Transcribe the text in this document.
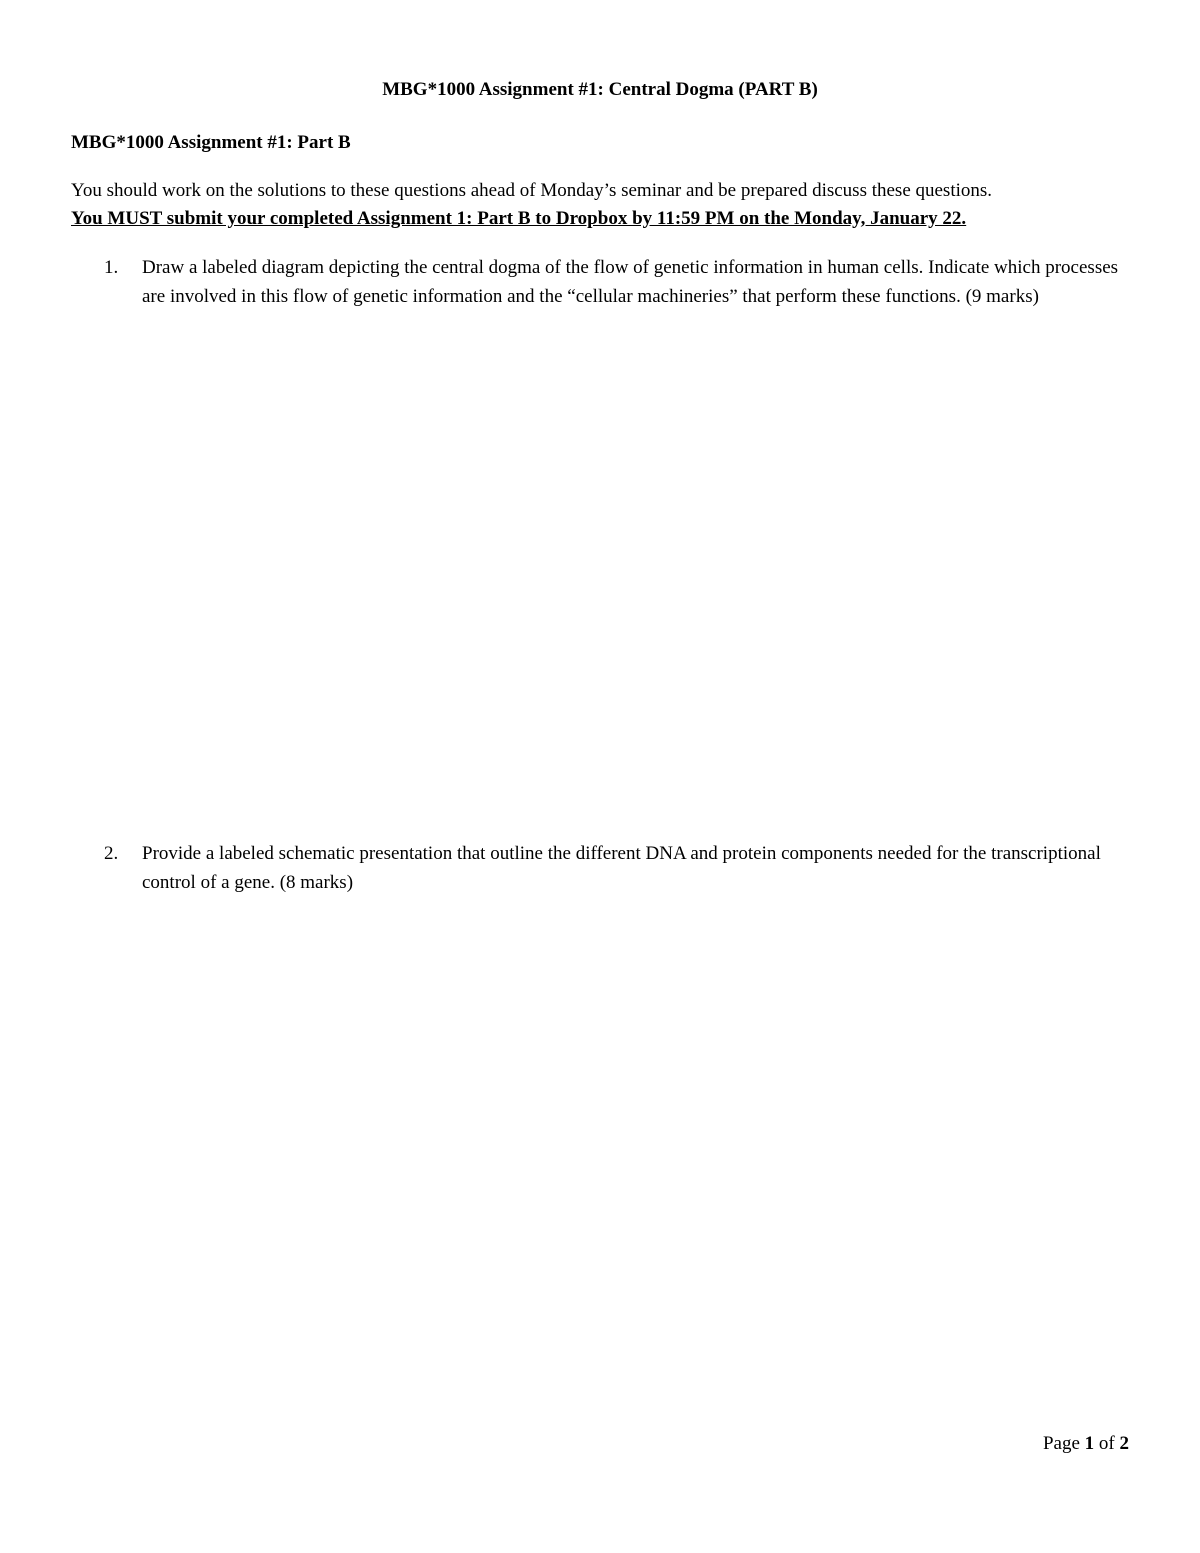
MBG*1000 Assignment #1: Central Dogma (PART B)
MBG*1000 Assignment #1: Part B
You should work on the solutions to these questions ahead of Monday’s seminar and be prepared discuss these questions.
You MUST submit your completed Assignment 1: Part B to Dropbox by 11:59 PM on the Monday, January 22.
1.	Draw a labeled diagram depicting the central dogma of the flow of genetic information in human cells. Indicate which processes are involved in this flow of genetic information and the “cellular machineries” that perform these functions. (9 marks)
2.	Provide a labeled schematic presentation that outline the different DNA and protein components needed for the transcriptional control of a gene. (8 marks)
Page 1 of 2
